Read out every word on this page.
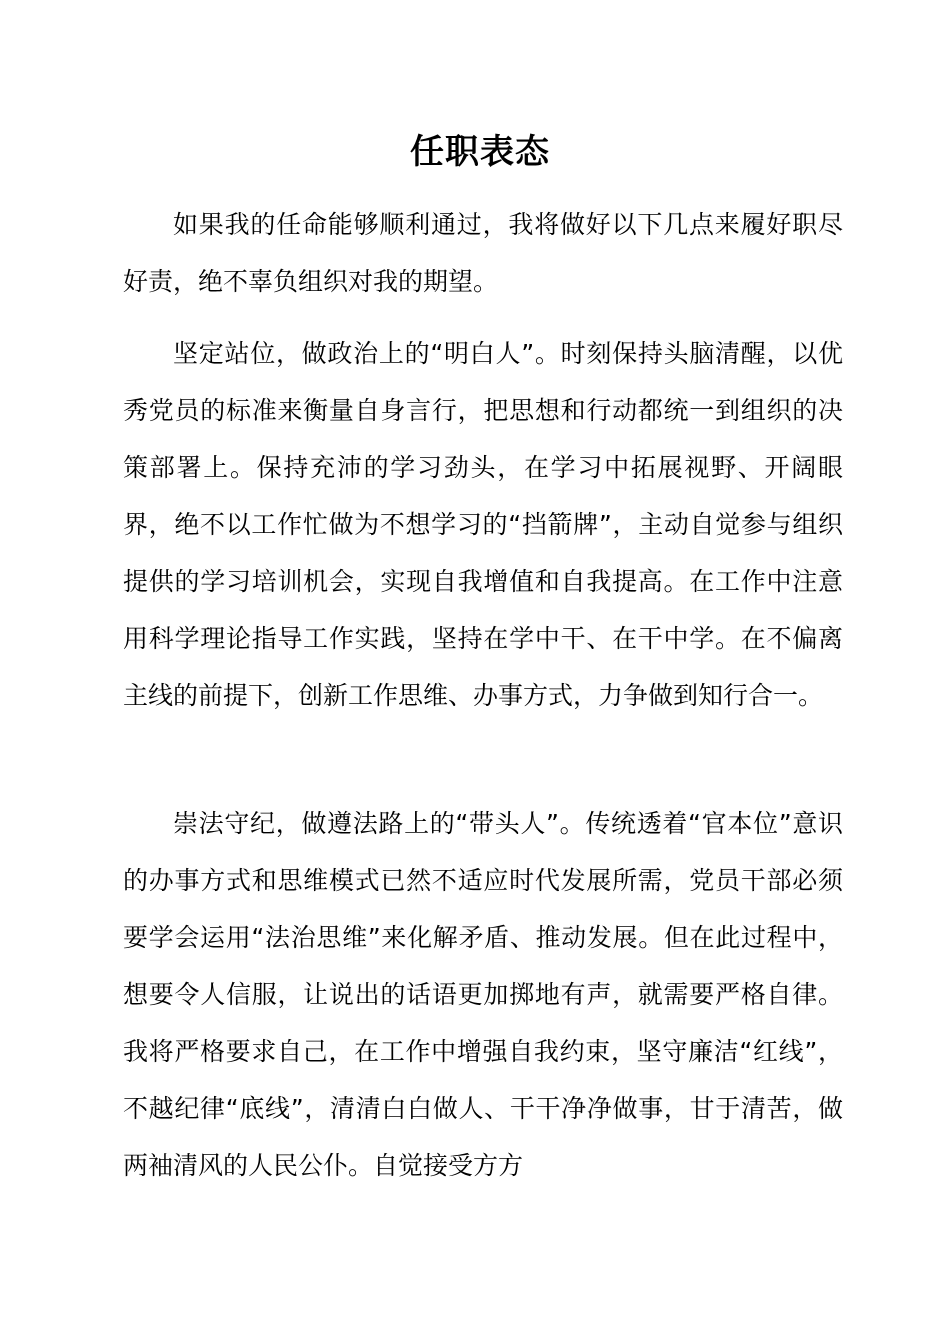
任职表态

如果我的任命能够顺利通过，我将做好以下几点来履好职尽好责，绝不辜负组织对我的期望。

坚定站位，做政治上的“明白人”。时刻保持头脑清醒，以优秀党员的标准来衡量自身言行，把思想和行动都统一到组织的决策部署上。保持充沛的学习劲头，在学习中拓展视野、开阔眼界，绝不以工作忙做为不想学习的“挡箭牌”，主动自觉参与组织提供的学习培训机会，实现自我增值和自我提高。在工作中注意用科学理论指导工作实践，坚持在学中干、在干中学。在不偏离主线的前提下，创新工作思维、办事方式，力争做到知行合一。

崇法守纪，做遵法路上的“带头人”。传统透着“官本位”意识的办事方式和思维模式已然不适应时代发展所需，党员干部必须要学会运用“法治思维”来化解矛盾、推动发展。但在此过程中，想要令人信服，让说出的话语更加掷地有声，就需要严格自律。我将严格要求自己，在工作中增强自我约束，坚守廉洁“红线”，不越纪律“底线”，清清白白做人、干干净净做事，甘于清苦，做两袖清风的人民公仆。自觉接受方方
